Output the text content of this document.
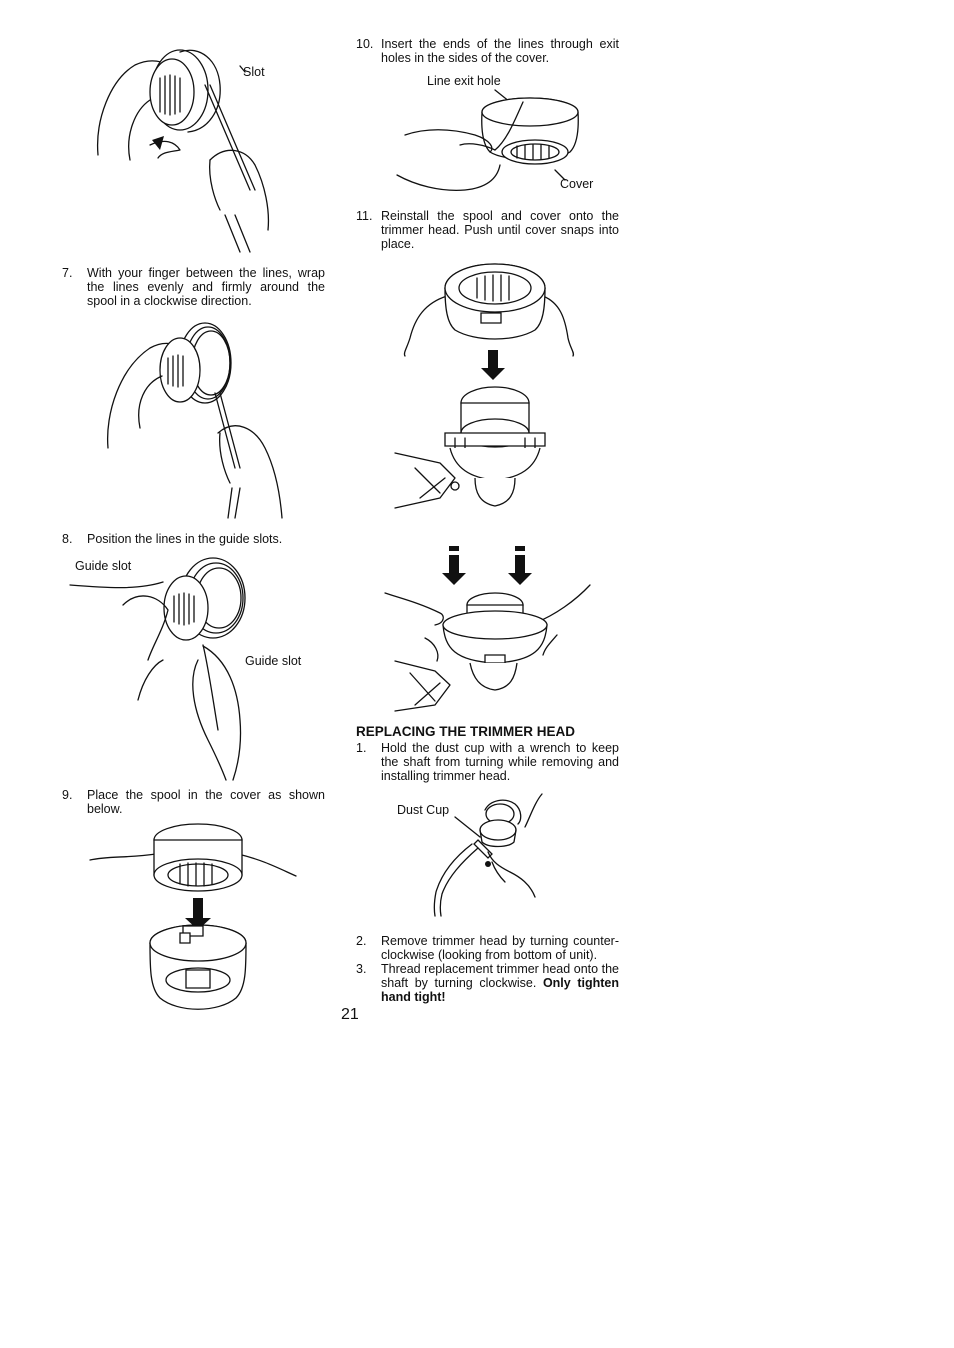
Slot
7. With your finger between the lines, wrap the lines evenly and firmly around the spool in a clockwise direction.
8. Position the lines in the guide slots.
Guide slot
Guide slot
9. Place the spool in the cover as shown below.
10. Insert the ends of the lines through exit holes in the sides of the cover.
Line exit hole
Cover
11. Reinstall the spool and cover onto the trimmer head. Push until cover snaps into place.
REPLACING THE TRIMMER HEAD
1. Hold the dust cup with a wrench to keep the shaft from turning while removing and installing trimmer head.
Dust Cup
2. Remove trimmer head by turning counter-clockwise (looking from bottom of unit).
3. Thread replacement trimmer head onto the shaft by turning clockwise. Only tighten hand tight!
21
